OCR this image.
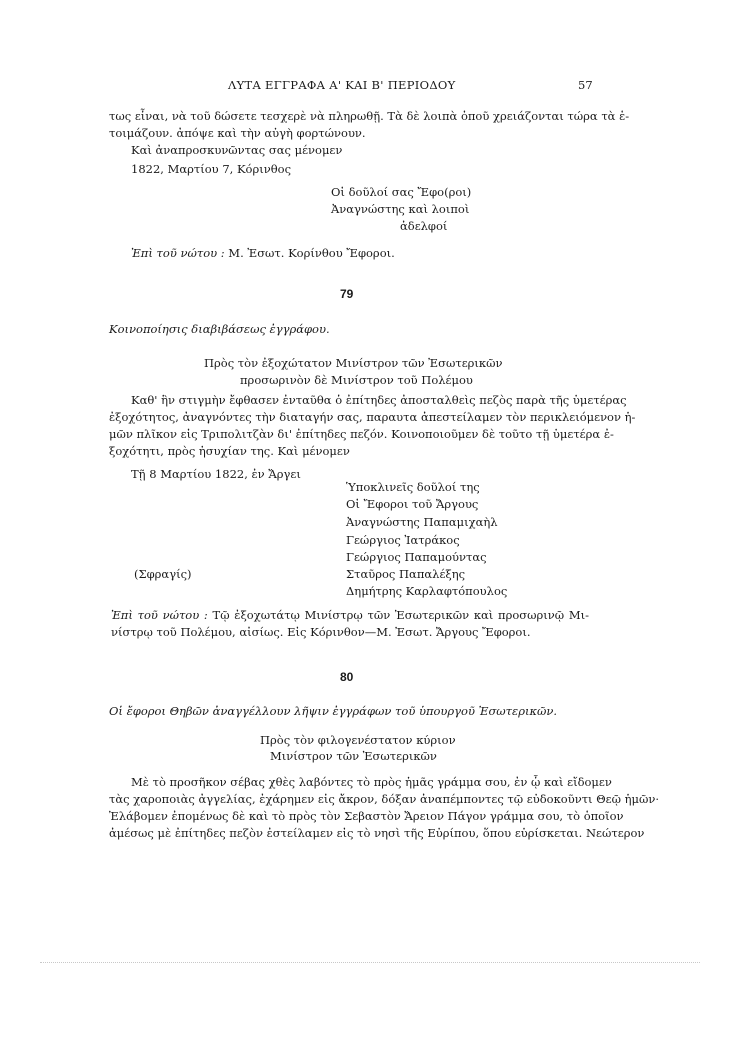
ΛΥΤΑ ΕΓΓΡΑΦΑ Α' ΚΑΙ Β' ΠΕΡΙΟΔΟΥ	57
τως εἶναι, νὰ τοῦ δώσετε τεσχερὲ νὰ πληρωθῇ. Τὰ δὲ λοιπὰ ὁποῦ χρειάζονται τώρα τὰ ἑ-
τοιμάζουν. ἀπόψε καὶ τὴν αὐγὴ φορτώνουν.
Καὶ ἀναπροσκυνῶντας σας μένομεν
1822, Μαρτίου 7, Κόρινθος
Οἱ δοῦλοί σας Ἔφο(ροι)
Ἀναγνώστης καὶ λοιποὶ
ἀδελφοί
Ἐπὶ τοῦ νώτου : Μ. Ἐσωτ. Κορίνθου Ἔφοροι.
79
Κοινοποίησις διαβιβάσεως ἐγγράφου.
Πρὸς τὸν ἐξοχώτατον Μινίστρον τῶν Ἐσωτερικῶν
προσωρινὸν δὲ Μινίστρον τοῦ Πολέμου
Καθ' ἣν στιγμὴν ἔφθασεν ἐνταῦθα ὁ ἐπίτηδες ἀποσταλθεὶς πεζὸς παρὰ τῆς ὑμετέρας
ἐξοχότητος, ἀναγνόντες τὴν διαταγήν σας, παραυτα ἀπεστείλαμεν τὸν περικλειόμενον ἡ-
μῶν πλῖκον εἰς Τριπολιτζὰν δι' ἐπίτηδες πεζόν. Κοινοποιοῦμεν δὲ τοῦτο τῇ ὑμετέρα ἐ-
ξοχότητι, πρὸς ἡσυχίαν της. Καὶ μένομεν
Τῇ 8 Μαρτίου 1822, ἐν Ἄργει
Ὑποκλινεῖς δοῦλοί της
Οἱ Ἔφοροι τοῦ Ἄργους
Ἀναγνώστης Παπαμιχαὴλ
Γεώργιος Ἰατράκος
Γεώργιος Παπαμούντας
(Σφραγίς)	Σταῦρος Παπαλέξης
Δημήτρης Καρλαφτόπουλος
Ἐπὶ τοῦ νώτου : Τῷ ἐξοχωτάτῳ Μινίστρῳ τῶν Ἐσωτερικῶν καὶ προσωρινῷ Μι-
νίστρῳ τοῦ Πολέμου, αἰσίως. Εἰς Κόρινθον—Μ. Ἐσωτ. Ἄργους Ἔφοροι.
80
Οἱ ἔφοροι Θηβῶν ἀναγγέλλουν λῆψιν ἐγγράφων τοῦ ὑπουργοῦ Ἐσωτερικῶν.
Πρὸς τὸν φιλογενέστατον κύριον
Μινίστρον τῶν Ἐσωτερικῶν
Μὲ τὸ προσῆκον σέβας χθὲς λαβόντες τὸ πρὸς ἡμᾶς γράμμα σου, ἐν ᾧ καὶ εἴδομεν
τὰς χαροποιὰς ἀγγελίας, ἐχάρημεν εἰς ἄκρον, δόξαν ἀναπέμποντες τῷ εὐδοκοῦντι Θεῷ ἡμῶν·
Ἐλάβομεν ἐπομένως δὲ καὶ τὸ πρὸς τὸν Σεβαστὸν Ἄρειον Πάγον γράμμα σου, τὸ ὁποῖον
ἀμέσως μὲ ἐπίτηδες πεζὸν ἐστείλαμεν εἰς τὸ νησὶ τῆς Εὐρίπου, ὅπου εὑρίσκεται. Νεώτερον
